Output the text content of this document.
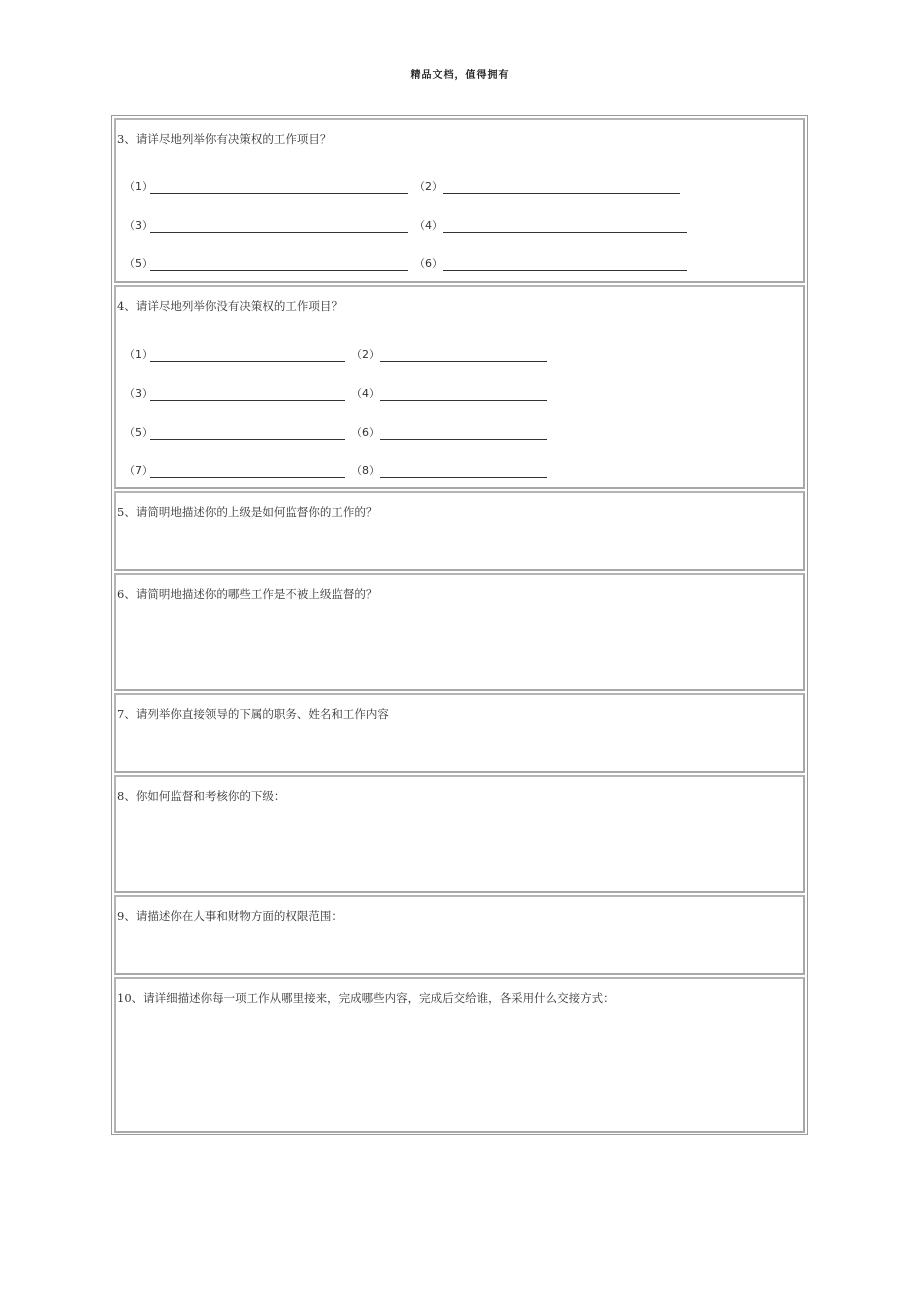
精品文档，值得拥有
3、请详尽地列举你有决策权的工作项目？
（1）	（2）
（3）	（4）
（5）	（6）
4、请详尽地列举你没有决策权的工作项目？
（1）	（2）
（3）	（4）
（5）	（6）
（7）	（8）
5、请简明地描述你的上级是如何监督你的工作的？
6、请简明地描述你的哪些工作是不被上级监督的？
7、请列举你直接领导的下属的职务、姓名和工作内容
8、你如何监督和考核你的下级：
9、请描述你在人事和财物方面的权限范围：
10、请详细描述你每一项工作从哪里接来，完成哪些内容，完成后交给谁，各采用什么交接方式：
